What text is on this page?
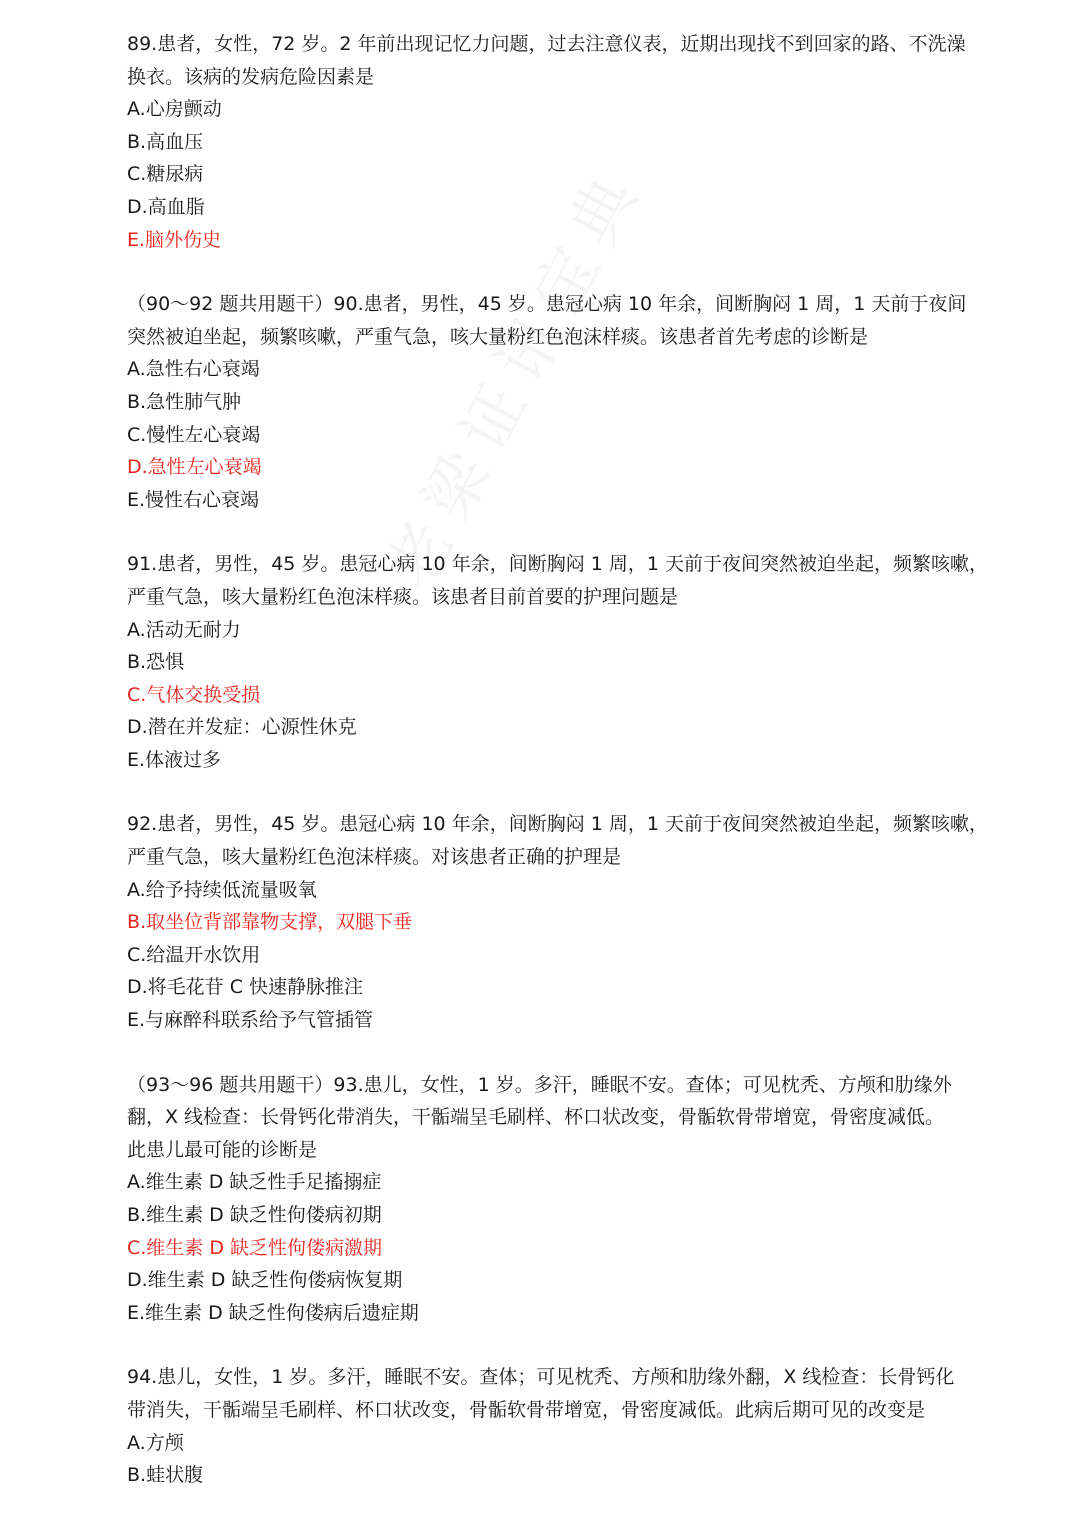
89.患者，女性，72 岁。2 年前出现记忆力问题，过去注意仪表，近期出现找不到回家的路、不洗澡
换衣。该病的发病危险因素是
A.心房颤动
B.高血压
C.糖尿病
D.高血脂
E.脑外伤史
（90～92 题共用题干）90.患者，男性，45 岁。患冠心病 10 年余，间断胸闷 1 周，1 天前于夜间
突然被迫坐起，频繁咳嗽，严重气急，咳大量粉红色泡沫样痰。该患者首先考虑的诊断是
A.急性右心衰竭
B.急性肺气肿
C.慢性左心衰竭
D.急性左心衰竭
E.慢性右心衰竭
91.患者，男性，45 岁。患冠心病 10 年余，间断胸闷 1 周，1 天前于夜间突然被迫坐起，频繁咳嗽，
严重气急，咳大量粉红色泡沫样痰。该患者目前首要的护理问题是
A.活动无耐力
B.恐惧
C.气体交换受损
D.潜在并发症：心源性休克
E.体液过多
92.患者，男性，45 岁。患冠心病 10 年余，间断胸闷 1 周，1 天前于夜间突然被迫坐起，频繁咳嗽，
严重气急，咳大量粉红色泡沫样痰。对该患者正确的护理是
A.给予持续低流量吸氧
B.取坐位背部靠物支撑，双腿下垂
C.给温开水饮用
D.将毛花苷 C 快速静脉推注
E.与麻醉科联系给予气管插管
（93～96 题共用题干）93.患儿，女性，1 岁。多汗，睡眠不安。查体；可见枕秃、方颅和肋缘外
翻，X 线检查：长骨钙化带消失，干骺端呈毛刷样、杯口状改变，骨骺软骨带增宽，骨密度减低。
此患儿最可能的诊断是
A.维生素 D 缺乏性手足搐搦症
B.维生素 D 缺乏性佝偻病初期
C.维生素 D 缺乏性佝偻病激期
D.维生素 D 缺乏性佝偻病恢复期
E.维生素 D 缺乏性佝偻病后遗症期
94.患儿，女性，1 岁。多汗，睡眠不安。查体；可见枕秃、方颅和肋缘外翻，X 线检查：长骨钙化
带消失，干骺端呈毛刷样、杯口状改变，骨骺软骨带增宽，骨密度减低。此病后期可见的改变是
A.方颅
B.蛙状腹
